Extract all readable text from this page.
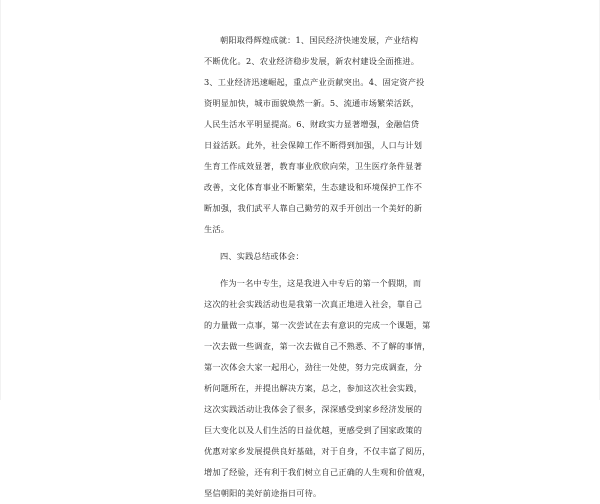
朝阳取得辉煌成就：1、国民经济快速发展，产业结构
不断优化。2、农业经济稳步发展，新农村建设全面推进。
3、工业经济迅速崛起，重点产业贡献突出。4、固定资产投
资明显加快，城市面貌焕然一新。5、流通市场繁荣活跃，
人民生活水平明显提高。6、财政实力显著增强，金融信贷
日益活跃。此外，社会保障工作不断得到加强，人口与计划
生育工作成效显著，教育事业欣欣向荣，卫生医疗条件显著
改善，文化体育事业不断繁荣，生态建设和环境保护工作不
断加强，我们武平人靠自己勤劳的双手开创出一个美好的新
生活。
四、实践总结或体会：
作为一名中专生，这是我进入中专后的第一个假期，而
这次的社会实践活动也是我第一次真正地进入社会，靠自己
的力量做一点事，第一次尝试在去有意识的完成一个课题，第
一次去做一些调查，第一次去做自己不熟悉、不了解的事情，
第一次体会大家一起用心，劲往一处使，努力完成调查，分
析问题所在，并提出解决方案，总之，参加这次社会实践，
这次实践活动让我体会了很多，深深感受到家乡经济发展的
巨大变化以及人们生活的日益优越，更感受到了国家政策的
优惠对家乡发展提供良好基础，对于自身，不仅丰富了阅历，
增加了经验，还有利于我们树立自己正确的人生观和价值观，
坚信朝阳的美好前途指日可待。
